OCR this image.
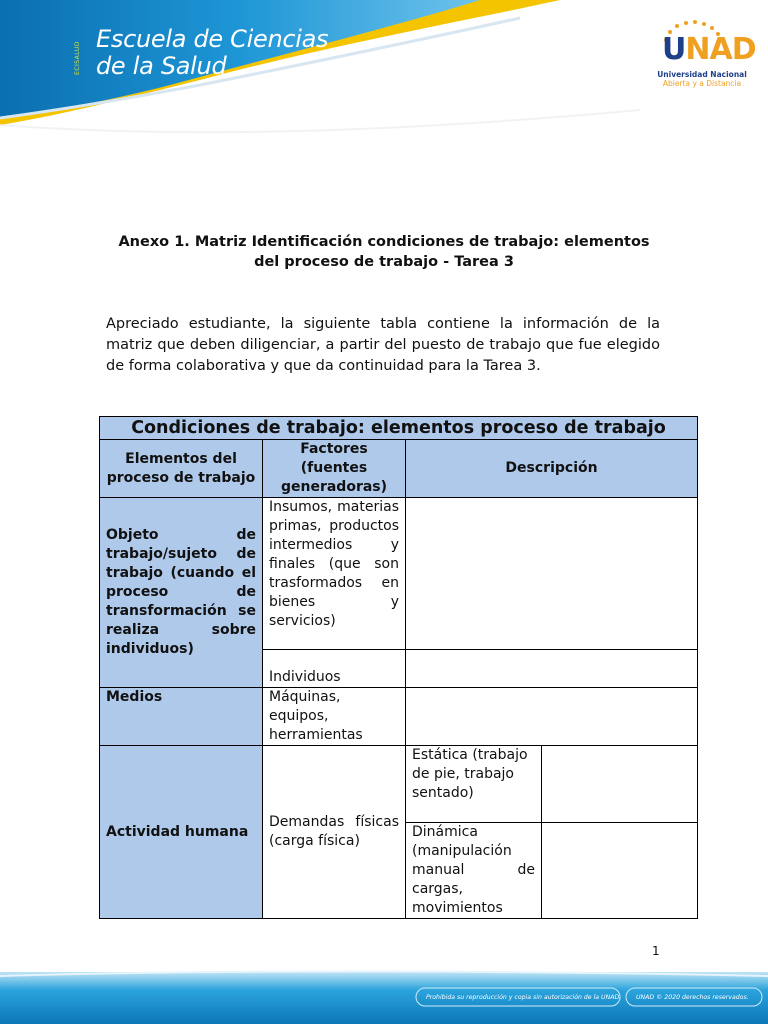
ECISALUD
Escuela de Ciencias
de la Salud	UNAD
Universidad Nacional
Abierta y a Distancia
Anexo 1. Matriz Identificación condiciones de trabajo: elementos
del proceso de trabajo - Tarea 3
Apreciado estudiante, la siguiente tabla contiene la información de la matriz que deben diligenciar, a partir del puesto de trabajo que fue elegido de forma colaborativa y que da continuidad para la Tarea 3.
Condiciones de trabajo: elementos proceso de trabajo			
Elementos del proceso de trabajo	Factores (fuentes generadoras)	Descripción	
Objeto de trabajo/sujeto de trabajo (cuando el proceso de transformación se realiza sobre individuos)	Insumos, materias primas, productos intermedios y finales (que son trasformados en bienes y servicios)		
	Individuos		
Medios	Máquinas, equipos, herramientas		
Actividad humana	Demandas físicas (carga física)	Estática (trabajo de pie, trabajo sentado)	
		Dinámica (manipulación manual de cargas, movimientos	
1
Prohibida su reproducción y copia sin autorización de la UNAD. UNAD © 2020 derechos reservados.
